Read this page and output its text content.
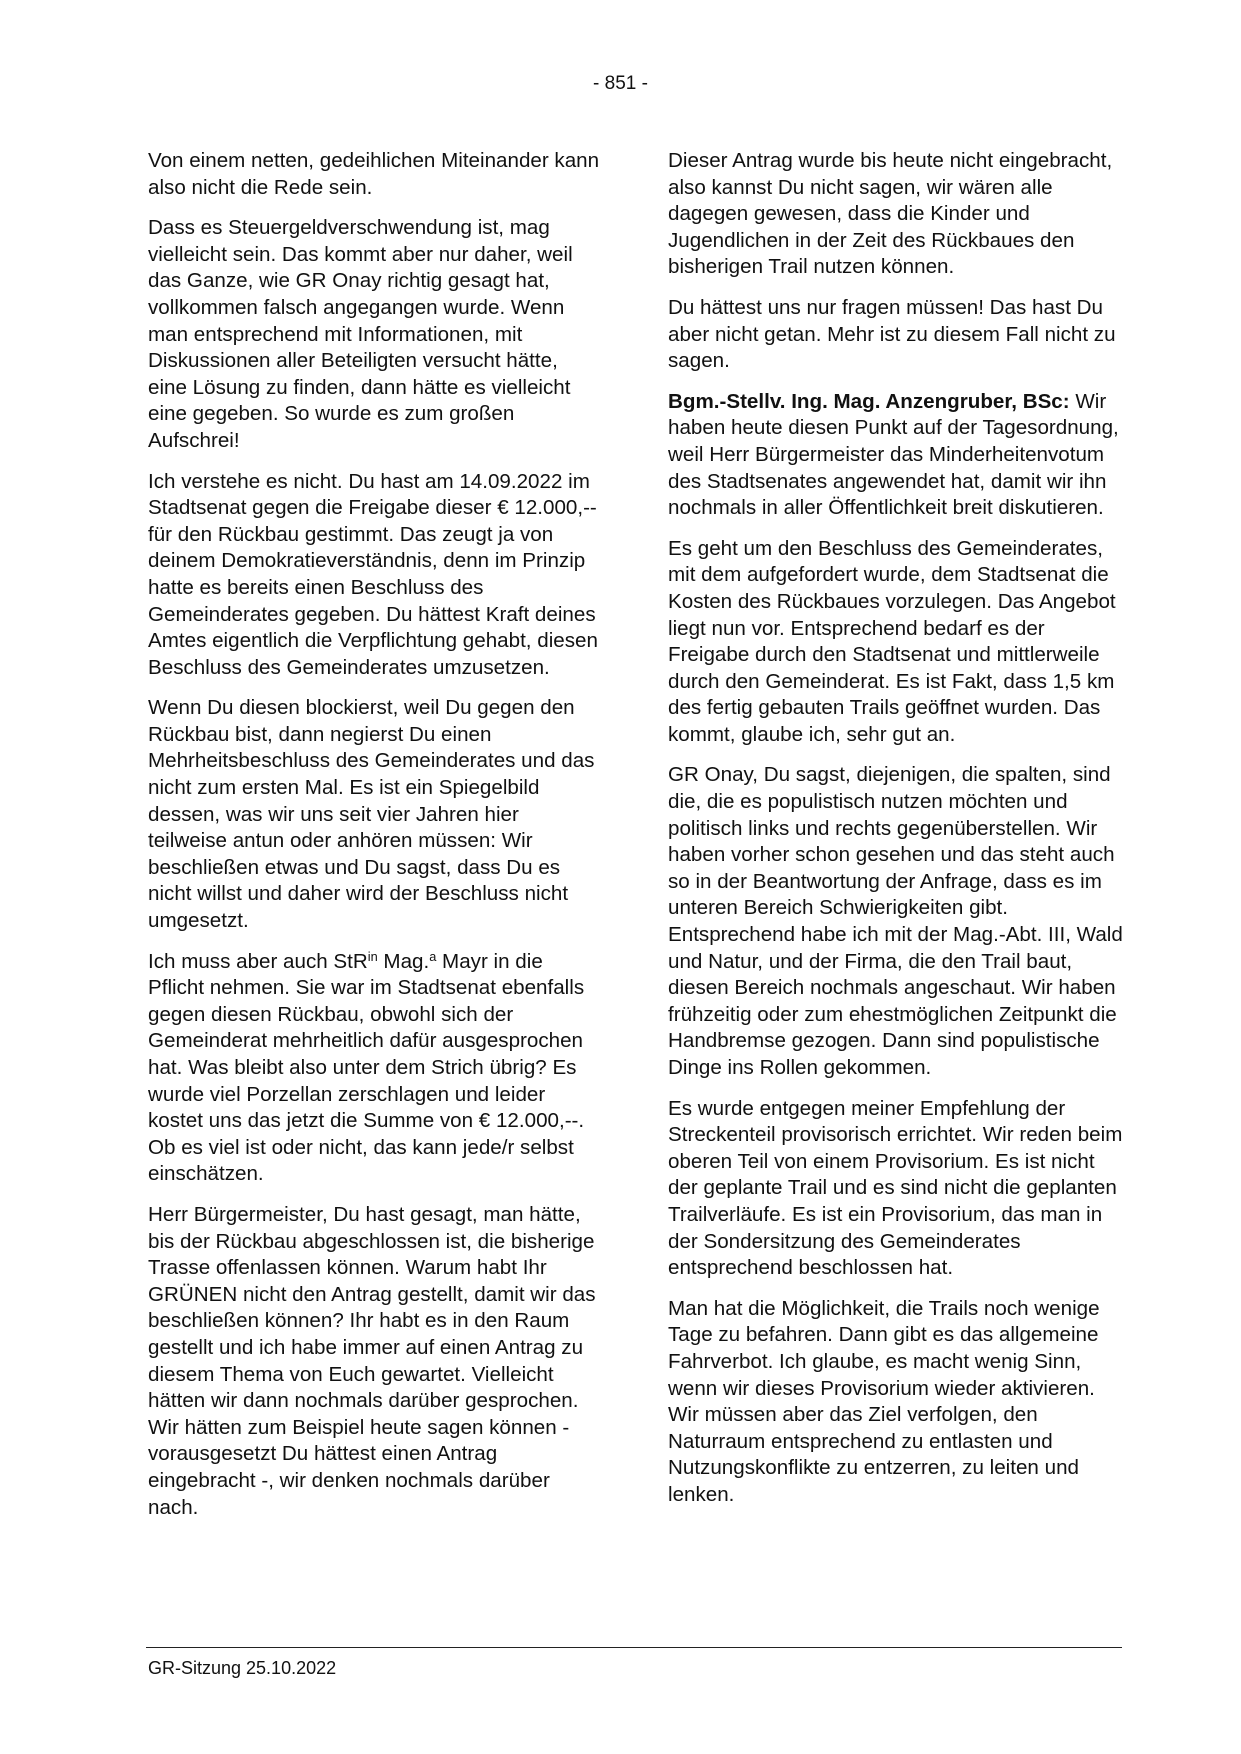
- 851 -

Von einem netten, gedeihlichen Miteinander kann also nicht die Rede sein.

Dass es Steuergeldverschwendung ist, mag vielleicht sein. Das kommt aber nur daher, weil das Ganze, wie GR Onay richtig gesagt hat, vollkommen falsch angegangen wurde. Wenn man entsprechend mit Informationen, mit Diskussionen aller Beteiligten versucht hätte, eine Lösung zu finden, dann hätte es vielleicht eine gegeben. So wurde es zum großen Aufschrei!

Ich verstehe es nicht. Du hast am 14.09.2022 im Stadtsenat gegen die Freigabe dieser € 12.000,-- für den Rückbau gestimmt. Das zeugt ja von deinem Demokratieverständnis, denn im Prinzip hatte es bereits einen Beschluss des Gemeinderates gegeben. Du hättest Kraft deines Amtes eigentlich die Verpflichtung gehabt, diesen Beschluss des Gemeinderates umzusetzen.

Wenn Du diesen blockierst, weil Du gegen den Rückbau bist, dann negierst Du einen Mehrheitsbeschluss des Gemeinderates und das nicht zum ersten Mal. Es ist ein Spiegelbild dessen, was wir uns seit vier Jahren hier teilweise antun oder anhören müssen: Wir beschließen etwas und Du sagst, dass Du es nicht willst und daher wird der Beschluss nicht umgesetzt.

Ich muss aber auch StR$^{in}$ Mag.$^a$ Mayr in die Pflicht nehmen. Sie war im Stadtsenat ebenfalls gegen diesen Rückbau, obwohl sich der Gemeinderat mehrheitlich dafür ausgesprochen hat. Was bleibt also unter dem Strich übrig? Es wurde viel Porzellan zerschlagen und leider kostet uns das jetzt die Summe von € 12.000,--. Ob es viel ist oder nicht, das kann jede/r selbst einschätzen.

Herr Bürgermeister, Du hast gesagt, man hätte, bis der Rückbau abgeschlossen ist, die bisherige Trasse offenlassen können. Warum habt Ihr GRÜNEN nicht den Antrag gestellt, damit wir das beschließen können? Ihr habt es in den Raum gestellt und ich habe immer auf einen Antrag zu diesem Thema von Euch gewartet. Vielleicht hätten wir dann nochmals darüber gesprochen. Wir hätten zum Beispiel heute sagen können - vorausgesetzt Du hättest einen Antrag eingebracht -, wir denken nochmals darüber nach.

Dieser Antrag wurde bis heute nicht eingebracht, also kannst Du nicht sagen, wir wären alle dagegen gewesen, dass die Kinder und Jugendlichen in der Zeit des Rückbaues den bisherigen Trail nutzen können.

Du hättest uns nur fragen müssen! Das hast Du aber nicht getan. Mehr ist zu diesem Fall nicht zu sagen.

Bgm.-Stellv. Ing. Mag. Anzengruber, BSc: Wir haben heute diesen Punkt auf der Tagesordnung, weil Herr Bürgermeister das Minderheitenvotum des Stadtsenates angewendet hat, damit wir ihn nochmals in aller Öffentlichkeit breit diskutieren.

Es geht um den Beschluss des Gemeinderates, mit dem aufgefordert wurde, dem Stadtsenat die Kosten des Rückbaues vorzulegen. Das Angebot liegt nun vor. Entsprechend bedarf es der Freigabe durch den Stadtsenat und mittlerweile durch den Gemeinderat. Es ist Fakt, dass 1,5 km des fertig gebauten Trails geöffnet wurden. Das kommt, glaube ich, sehr gut an.

GR Onay, Du sagst, diejenigen, die spalten, sind die, die es populistisch nutzen möchten und politisch links und rechts gegenüberstellen. Wir haben vorher schon gesehen und das steht auch so in der Beantwortung der Anfrage, dass es im unteren Bereich Schwierigkeiten gibt. Entsprechend habe ich mit der Mag.-Abt. III, Wald und Natur, und der Firma, die den Trail baut, diesen Bereich nochmals angeschaut. Wir haben frühzeitig oder zum ehestmöglichen Zeitpunkt die Handbremse gezogen. Dann sind populistische Dinge ins Rollen gekommen.

Es wurde entgegen meiner Empfehlung der Streckenteil provisorisch errichtet. Wir reden beim oberen Teil von einem Provisorium. Es ist nicht der geplante Trail und es sind nicht die geplanten Trailverläufe. Es ist ein Provisorium, das man in der Sondersitzung des Gemeinderates entsprechend beschlossen hat.

Man hat die Möglichkeit, die Trails noch wenige Tage zu befahren. Dann gibt es das allgemeine Fahrverbot. Ich glaube, es macht wenig Sinn, wenn wir dieses Provisorium wieder aktivieren. Wir müssen aber das Ziel verfolgen, den Naturraum entsprechend zu entlasten und Nutzungskonflikte zu entzerren, zu leiten und lenken.

GR-Sitzung 25.10.2022
